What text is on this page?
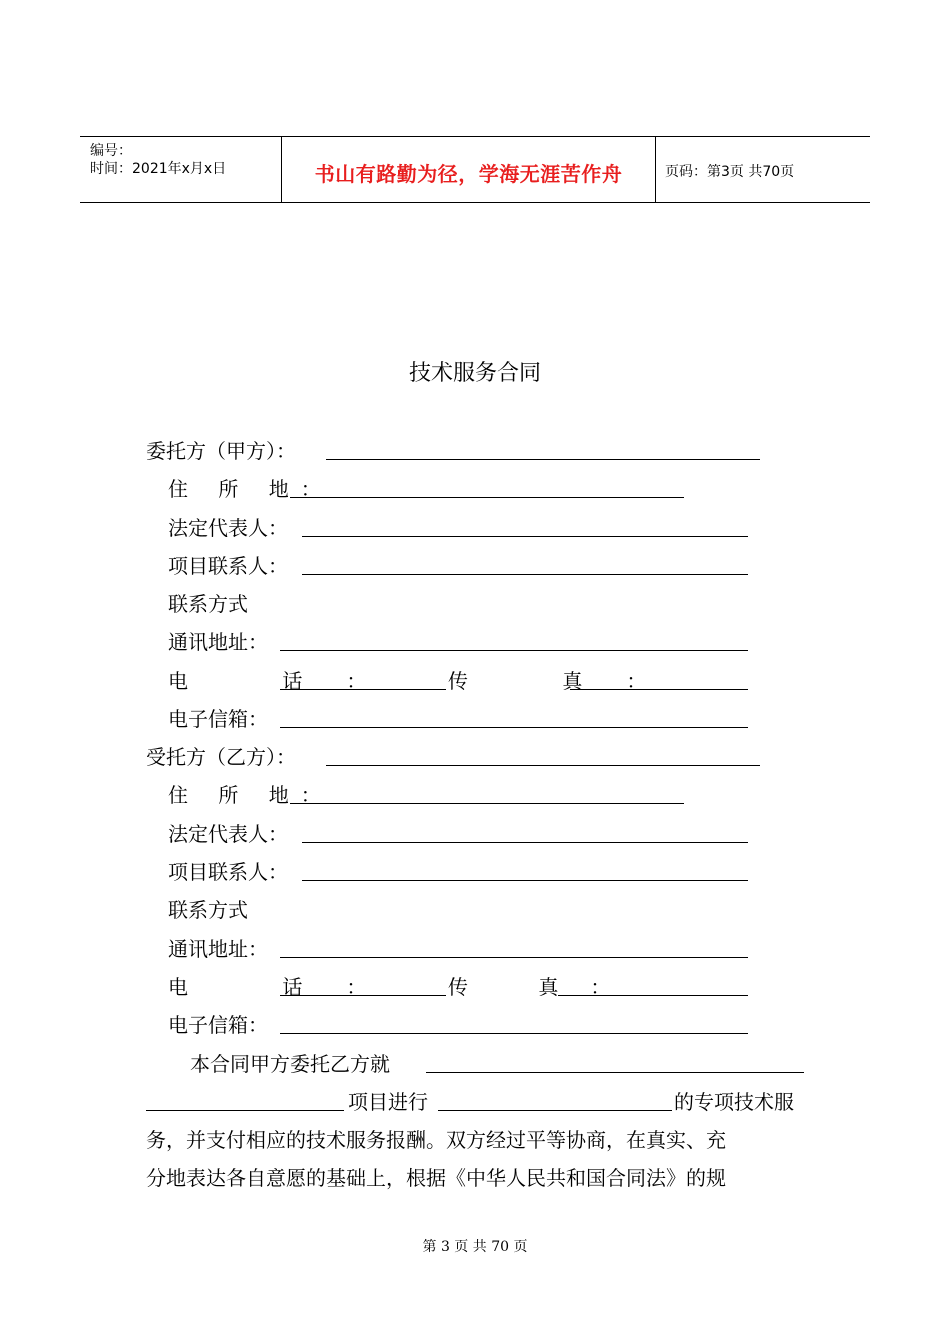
编号：
时间：2021年x月x日	书山有路勤为径，学海无涯苦作舟	页码：第3页 共70页
技术服务合同
委托方（甲方）：
住 所 地：
法定代表人：
项目联系人：
联系方式
通讯地址：
电 话： 传 真：
电子信箱：
受托方（乙方）：
住 所 地：
法定代表人：
项目联系人：
联系方式
通讯地址：
电 话： 传 真：
电子信箱：
本合同甲方委托乙方就
项目进行	的专项技术服
务，并支付相应的技术服务报酬。双方经过平等协商，在真实、充
分地表达各自意愿的基础上，根据《中华人民共和国合同法》的规
第 3 页 共 70 页
